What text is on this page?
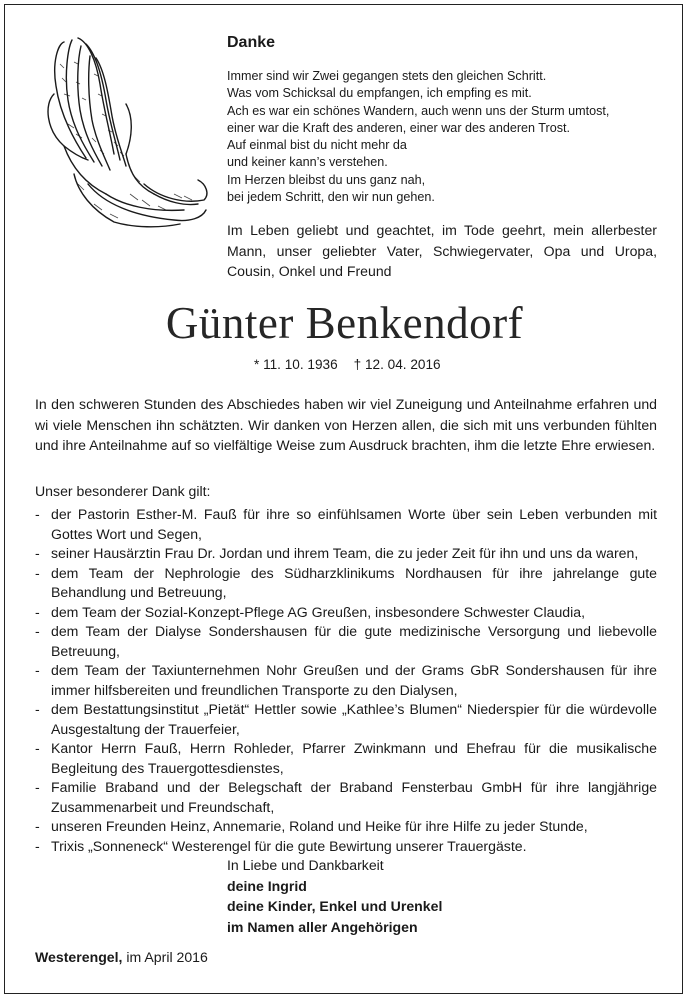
Danke
Immer sind wir Zwei gegangen stets den gleichen Schritt.
Was vom Schicksal du empfangen, ich empfing es mit.
Ach es war ein schönes Wandern, auch wenn uns der Sturm umtost,
einer war die Kraft des anderen, einer war des anderen Trost.
Auf einmal bist du nicht mehr da
und keiner kann’s verstehen.
Im Herzen bleibst du uns ganz nah,
bei jedem Schritt, den wir nun gehen.
Im Leben geliebt und geachtet, im Tode geehrt, mein allerbester Mann, unser geliebter Vater, Schwiegervater, Opa und Uropa, Cousin, Onkel und Freund
Günter Benkendorf
* 11. 10. 1936 † 12. 04. 2016
In den schweren Stunden des Abschiedes haben wir viel Zuneigung und Anteilnahme erfahren und wi viele Menschen ihn schätzten. Wir danken von Herzen allen, die sich mit uns verbunden fühlten und ihre Anteilnahme auf so vielfältige Weise zum Ausdruck brachten, ihm die letzte Ehre erwiesen.
Unser besonderer Dank gilt:
- der Pastorin Esther-M. Fauß für ihre so einfühlsamen Worte über sein Leben verbunden mit Gottes Wort und Segen,
- seiner Hausärztin Frau Dr. Jordan und ihrem Team, die zu jeder Zeit für ihn und uns da waren,
- dem Team der Nephrologie des Südharzklinikums Nordhausen für ihre jahrelange gute Behandlung und Betreuung,
- dem Team der Sozial-Konzept-Pflege AG Greußen, insbesondere Schwester Claudia,
- dem Team der Dialyse Sondershausen für die gute medizinische Versorgung und liebevolle Betreuung,
- dem Team der Taxiunternehmen Nohr Greußen und der Grams GbR Sondershausen für ihre immer hilfsbereiten und freundlichen Transporte zu den Dialysen,
- dem Bestattungsinstitut „Pietät“ Hettler sowie „Kathlee’s Blumen“ Niederspier für die würdevolle Ausgestaltung der Trauerfeier,
- Kantor Herrn Fauß, Herrn Rohleder, Pfarrer Zwinkmann und Ehefrau für die musikalische Begleitung des Trauergottesdienstes,
- Familie Braband und der Belegschaft der Braband Fensterbau GmbH für ihre langjährige Zusammenarbeit und Freundschaft,
- unseren Freunden Heinz, Annemarie, Roland und Heike für ihre Hilfe zu jeder Stunde,
- Trixis „Sonneneck“ Westerengel für die gute Bewirtung unserer Trauergäste.
In Liebe und Dankbarkeit
deine Ingrid
deine Kinder, Enkel und Urenkel
im Namen aller Angehörigen
Westerengel, im April 2016
